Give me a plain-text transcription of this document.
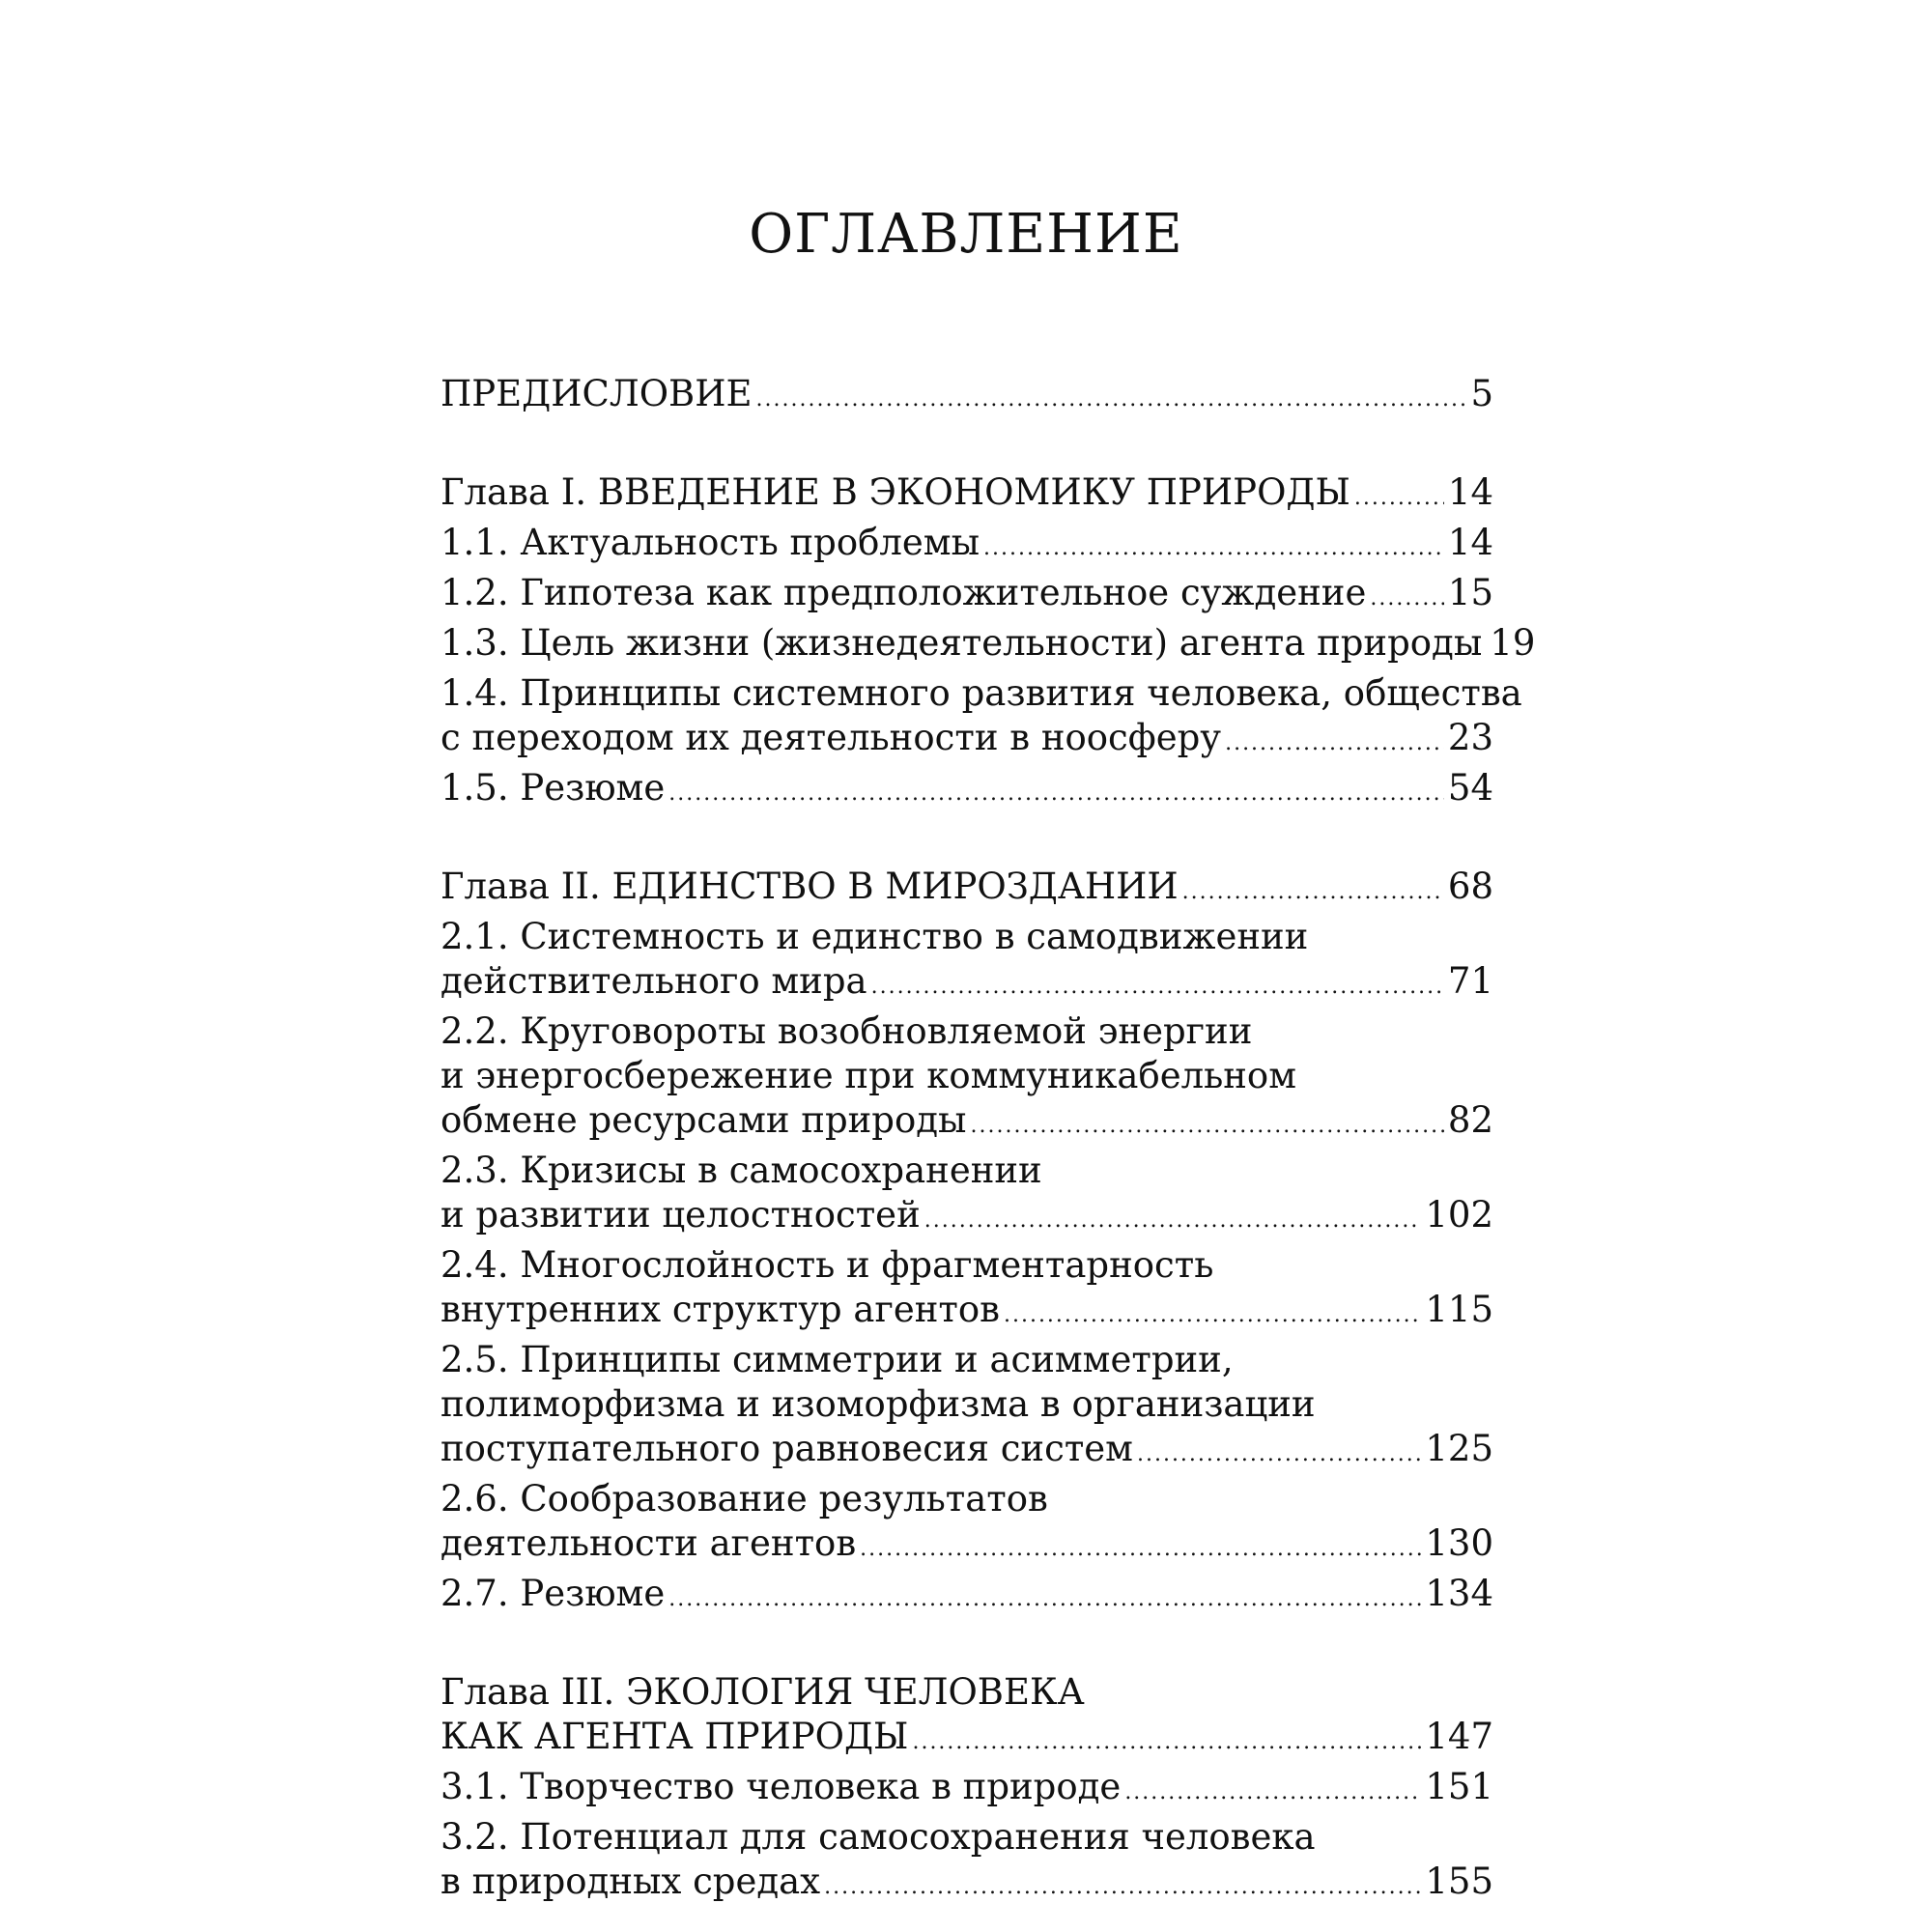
ОГЛАВЛЕНИЕ
ПРЕДИСЛОВИЕ .....	5
Глава I. ВВЕДЕНИЕ В ЭКОНОМИКУ ПРИРОДЫ .....	14
1.1. Актуальность проблемы .....	14
1.2. Гипотеза как предположительное суждение ..... 15
1.3. Цель жизни (жизнедеятельности) агента природы 19
1.4. Принципы системного развития человека, общества
с переходом их деятельности в ноосферу .....	23
1.5. Резюме .....	54
Глава II. ЕДИНСТВО В МИРОЗДАНИИ .....	68
2.1. Системность и единство в самодвижении
действительного мира .....	71
2.2. Круговороты возобновляемой энергии
и энергосбережение при коммуникабельном
обмене ресурсами природы .....	82
2.3. Кризисы в самосохранении
и развитии целостностей .....	102
2.4. Многослойность и фрагментарность
внутренних структур агентов .....	115
2.5. Принципы симметрии и асимметрии,
полиморфизма и изоморфизма в организации
поступательного равновесия систем .....	125
2.6. Сообразование результатов
деятельности агентов .....	130
2.7. Резюме .....	134
Глава III. ЭКОЛОГИЯ ЧЕЛОВЕКА
КАК АГЕНТА ПРИРОДЫ .....	147
3.1. Творчество человека в природе .....	151
3.2. Потенциал для самосохранения человека
в природных средах .....	155
